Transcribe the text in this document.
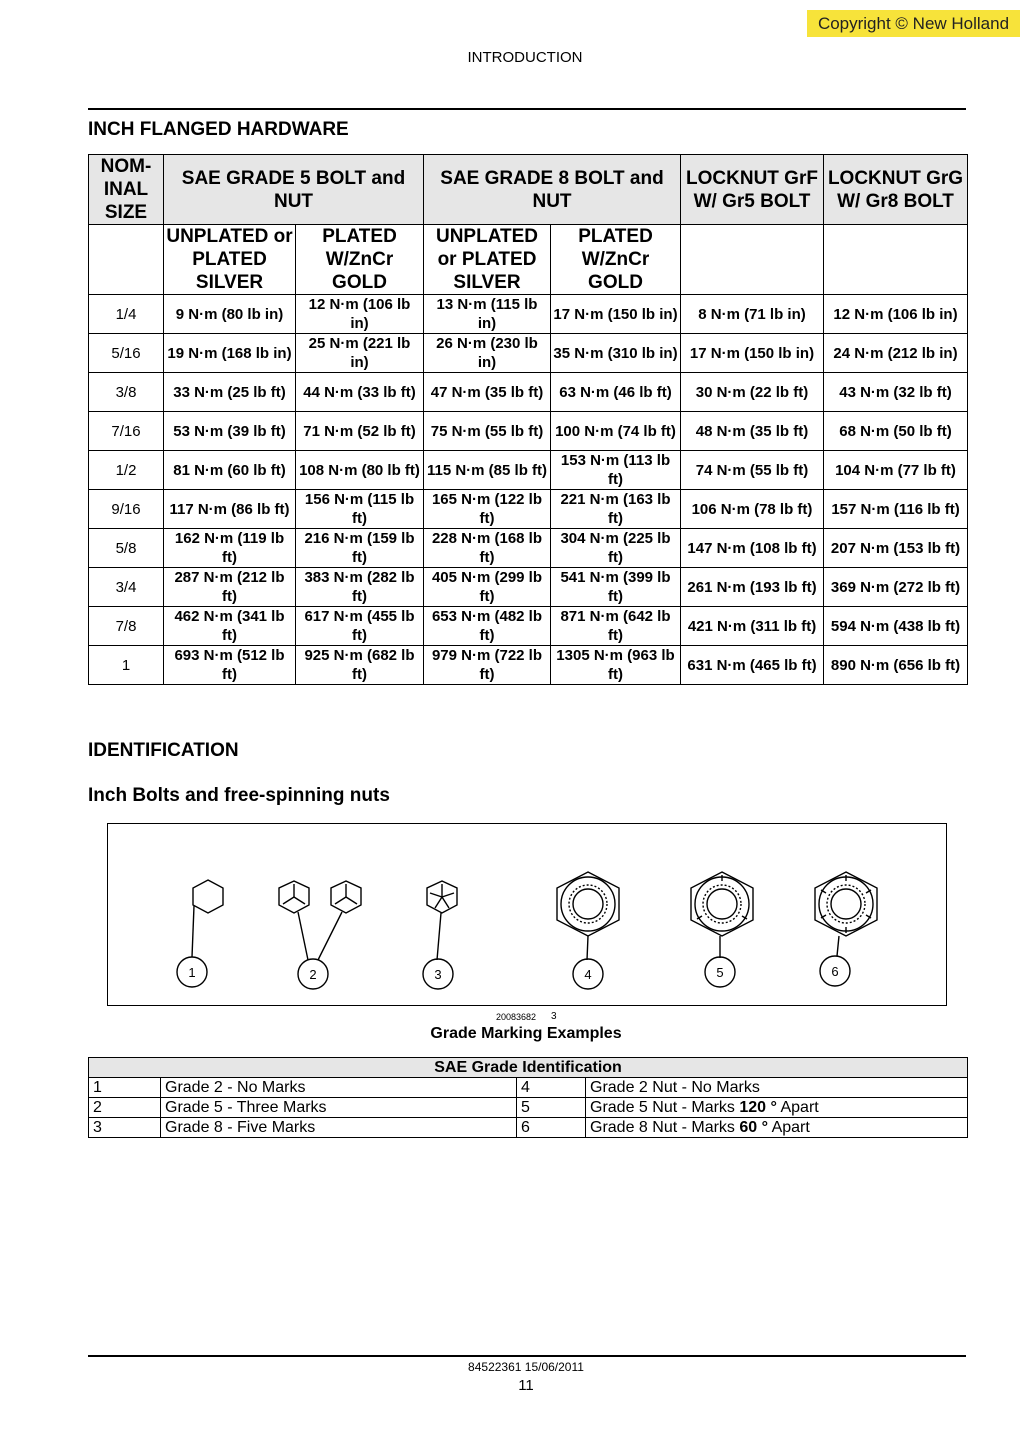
Copyright © New Holland
INTRODUCTION
INCH FLANGED HARDWARE
NOM-INAL SIZE	SAE GRADE 5 BOLT and NUT		SAE GRADE 8 BOLT and NUT		LOCKNUT GrF W/ Gr5 BOLT	LOCKNUT GrG W/ Gr8 BOLT
	UNPLATED or PLATED SILVER	PLATED W/ZnCr GOLD	UNPLATED or PLATED SILVER	PLATED W/ZnCr GOLD		
1/4	9 N·m (80 lb in)	12 N·m (106 lb in)	13 N·m (115 lb in)	17 N·m (150 lb in)	8 N·m (71 lb in)	12 N·m (106 lb in)
5/16	19 N·m (168 lb in)	25 N·m (221 lb in)	26 N·m (230 lb in)	35 N·m (310 lb in)	17 N·m (150 lb in)	24 N·m (212 lb in)
3/8	33 N·m (25 lb ft)	44 N·m (33 lb ft)	47 N·m (35 lb ft)	63 N·m (46 lb ft)	30 N·m (22 lb ft)	43 N·m (32 lb ft)
7/16	53 N·m (39 lb ft)	71 N·m (52 lb ft)	75 N·m (55 lb ft)	100 N·m (74 lb ft)	48 N·m (35 lb ft)	68 N·m (50 lb ft)
1/2	81 N·m (60 lb ft)	108 N·m (80 lb ft)	115 N·m (85 lb ft)	153 N·m (113 lb ft)	74 N·m (55 lb ft)	104 N·m (77 lb ft)
9/16	117 N·m (86 lb ft)	156 N·m (115 lb ft)	165 N·m (122 lb ft)	221 N·m (163 lb ft)	106 N·m (78 lb ft)	157 N·m (116 lb ft)
5/8	162 N·m (119 lb ft)	216 N·m (159 lb ft)	228 N·m (168 lb ft)	304 N·m (225 lb ft)	147 N·m (108 lb ft)	207 N·m (153 lb ft)
3/4	287 N·m (212 lb ft)	383 N·m (282 lb ft)	405 N·m (299 lb ft)	541 N·m (399 lb ft)	261 N·m (193 lb ft)	369 N·m (272 lb ft)
7/8	462 N·m (341 lb ft)	617 N·m (455 lb ft)	653 N·m (482 lb ft)	871 N·m (642 lb ft)	421 N·m (311 lb ft)	594 N·m (438 lb ft)
1	693 N·m (512 lb ft)	925 N·m (682 lb ft)	979 N·m (722 lb ft)	1305 N·m (963 lb ft)	631 N·m (465 lb ft)	890 N·m (656 lb ft)
IDENTIFICATION
Inch Bolts and free-spinning nuts
1	2	3	4	5	6
20083682 3
Grade Marking Examples
SAE Grade Identification			
1	Grade 2 - No Marks	4	Grade 2 Nut - No Marks
2	Grade 5 - Three Marks	5	Grade 5 Nut - Marks 120 ° Apart
3	Grade 8 - Five Marks	6	Grade 8 Nut - Marks 60 ° Apart
84522361 15/06/2011
11
